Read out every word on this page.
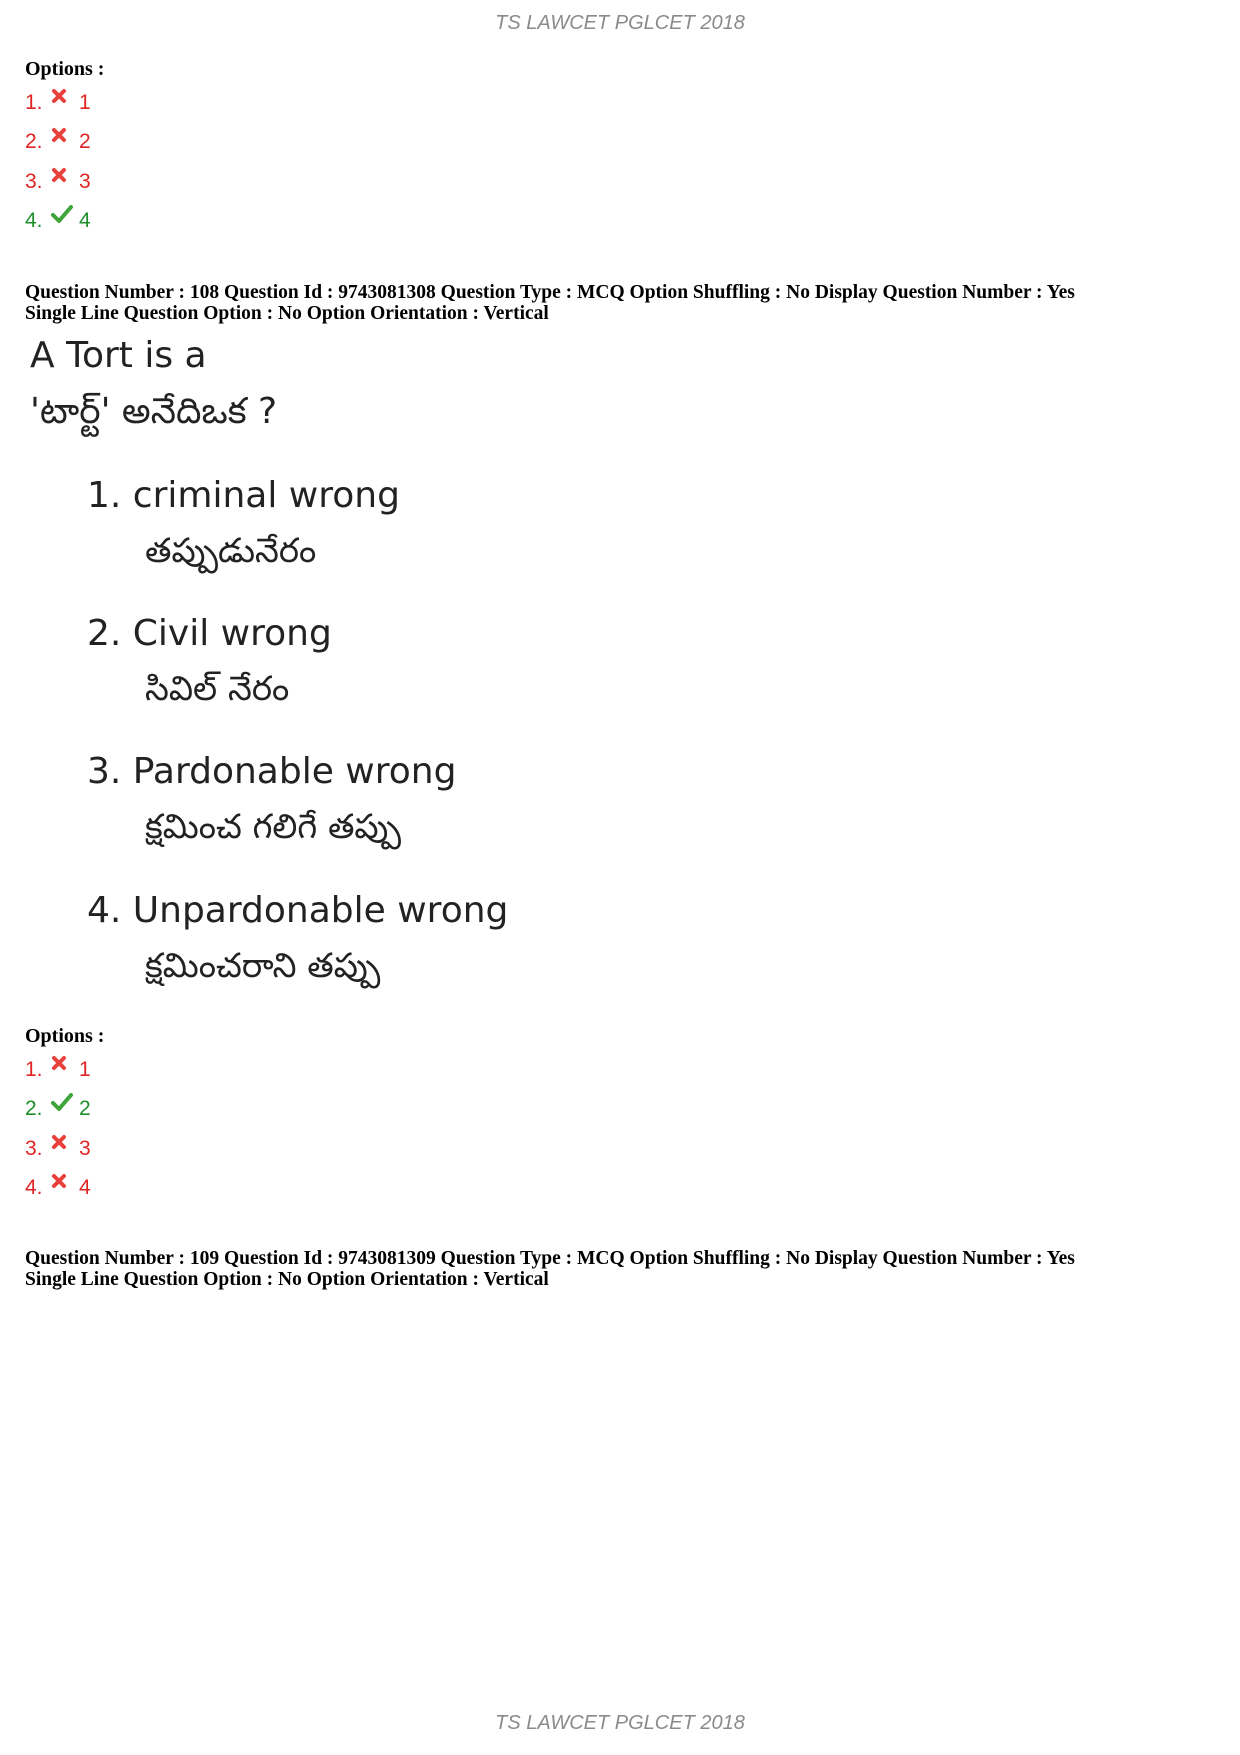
TS LAWCET PGLCET 2018
Options :
1.	1
2.	2
3.	3
4.	4
Question Number : 108 Question Id : 9743081308 Question Type : MCQ Option Shuffling : No Display Question Number : Yes
Single Line Question Option : No Option Orientation : Vertical
A Tort is a
'టార్ట్' అనేదిఒక ?
1. criminal wrong
తప్పుడునేరం
2. Civil wrong
సివిల్ నేరం
3. Pardonable wrong
క్షమించ గలిగే తప్పు
4. Unpardonable wrong
క్షమించరాని తప్పు
Options :
1.	1
2.	2
3.	3
4.	4
Question Number : 109 Question Id : 9743081309 Question Type : MCQ Option Shuffling : No Display Question Number : Yes
Single Line Question Option : No Option Orientation : Vertical
TS LAWCET PGLCET 2018
